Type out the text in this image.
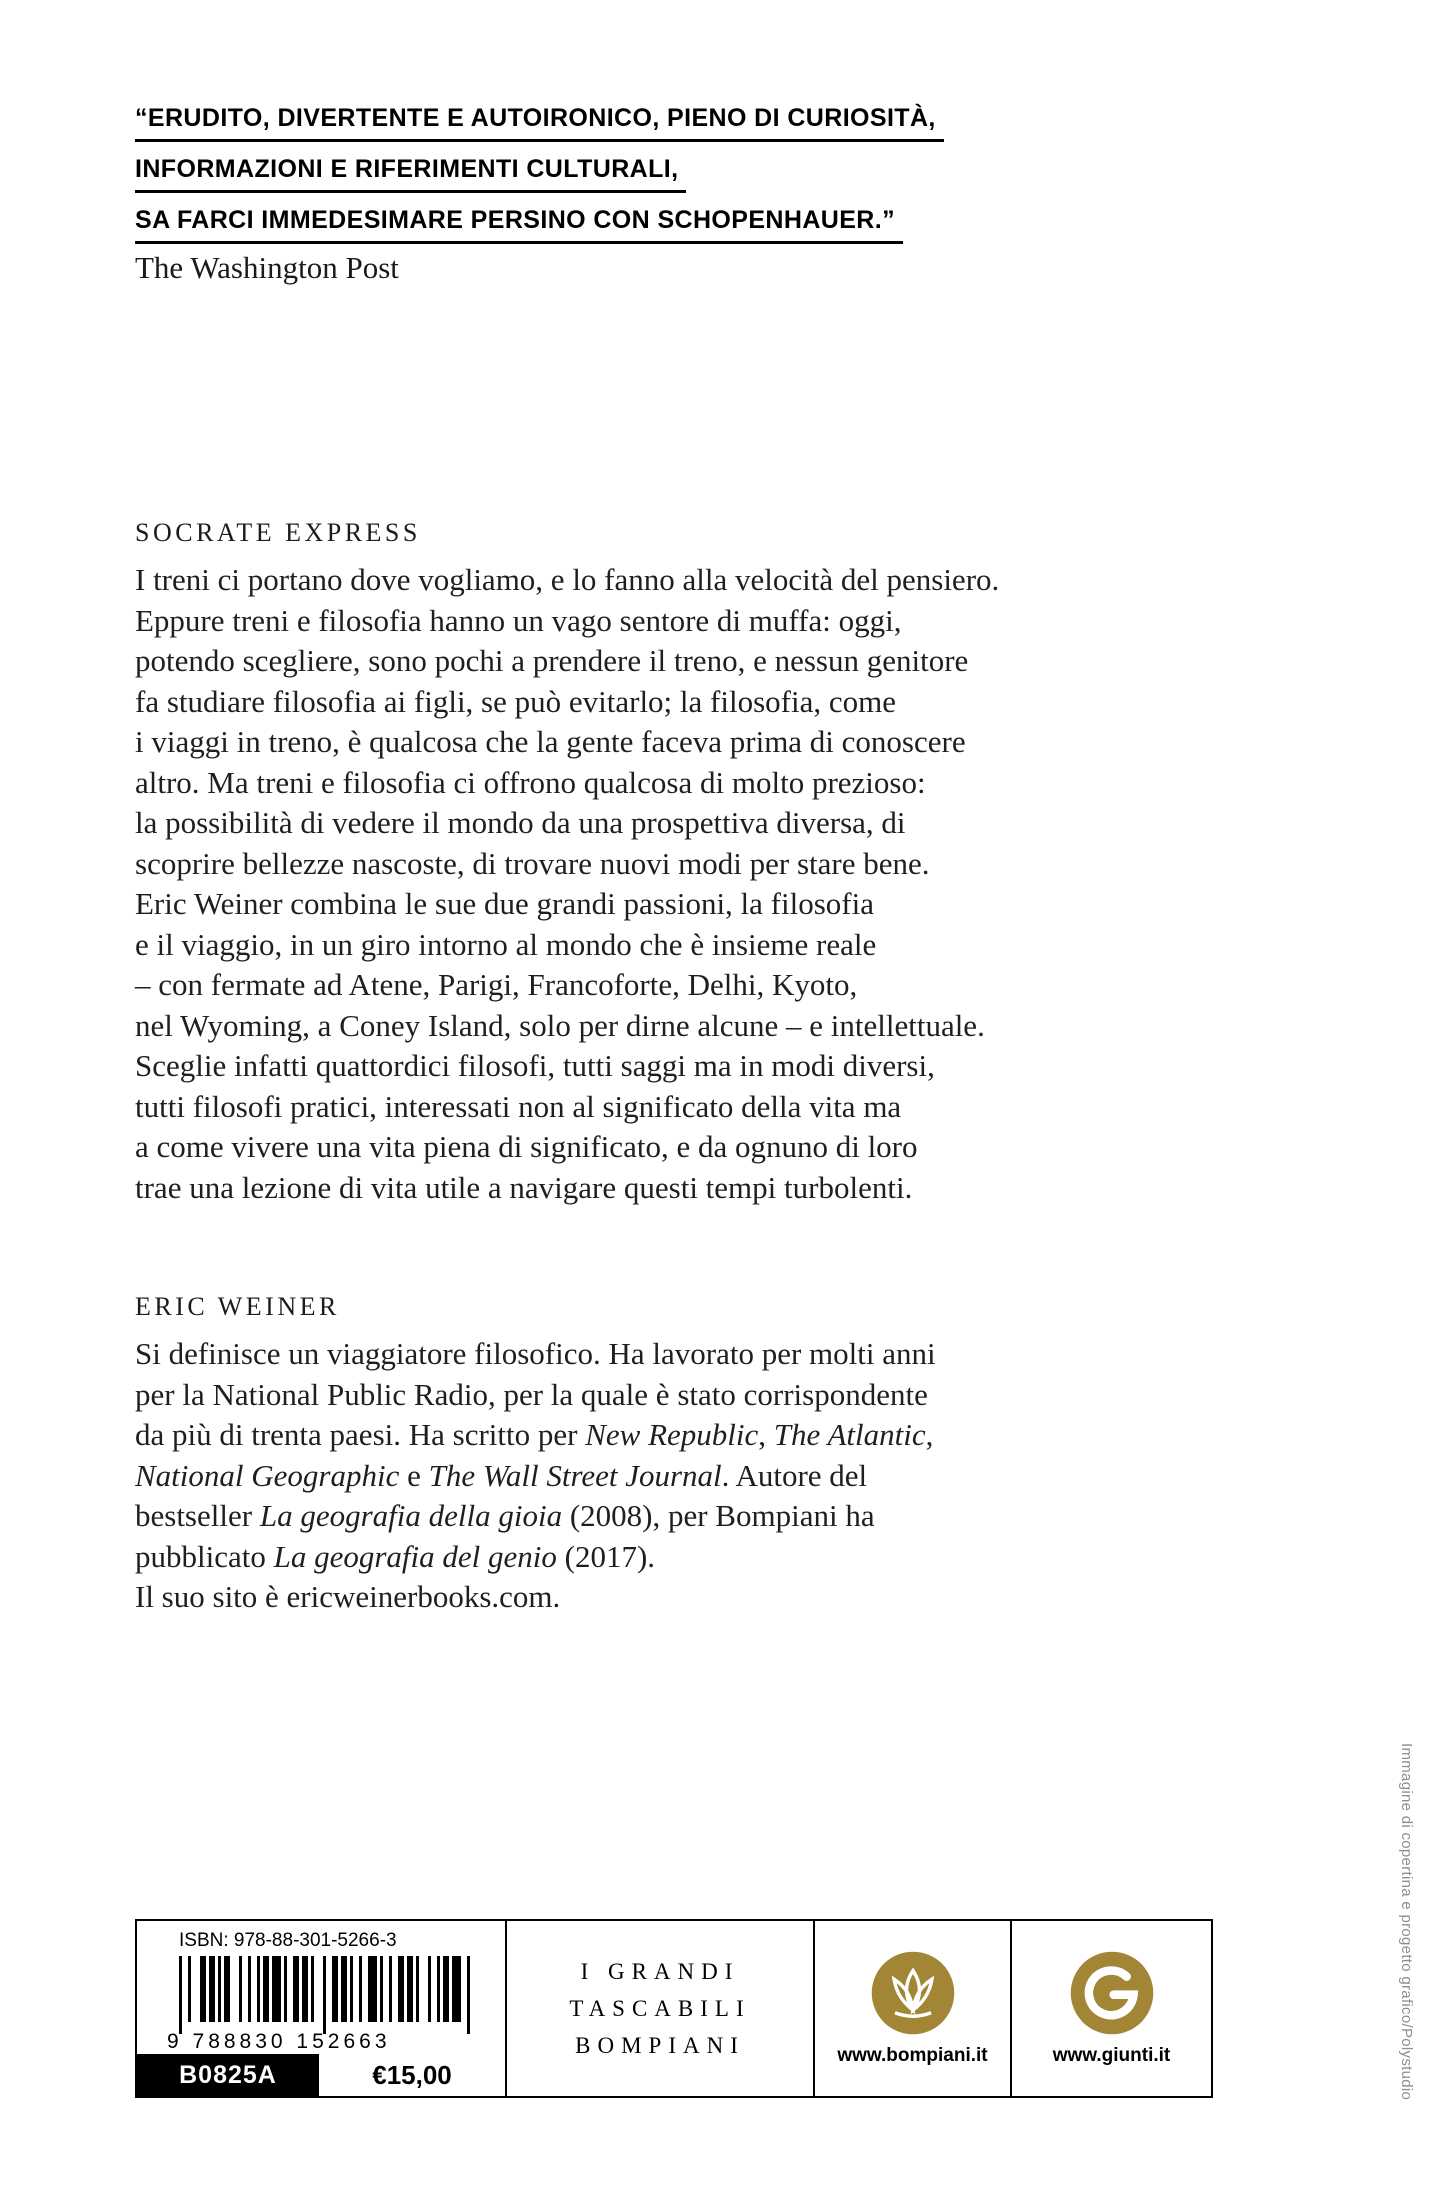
“ERUDITO, DIVERTENTE E AUTOIRONICO, PIENO DI CURIOSITÀ,
INFORMAZIONI E RIFERIMENTI CULTURALI,
SA FARCI IMMEDESIMARE PERSINO CON SCHOPENHAUER.”
The Washington Post
SOCRATE EXPRESS
I treni ci portano dove vogliamo, e lo fanno alla velocità del pensiero.
Eppure treni e filosofia hanno un vago sentore di muffa: oggi,
potendo scegliere, sono pochi a prendere il treno, e nessun genitore
fa studiare filosofia ai figli, se può evitarlo; la filosofia, come
i viaggi in treno, è qualcosa che la gente faceva prima di conoscere
altro. Ma treni e filosofia ci offrono qualcosa di molto prezioso:
la possibilità di vedere il mondo da una prospettiva diversa, di
scoprire bellezze nascoste, di trovare nuovi modi per stare bene.
Eric Weiner combina le sue due grandi passioni, la filosofia
e il viaggio, in un giro intorno al mondo che è insieme reale
– con fermate ad Atene, Parigi, Francoforte, Delhi, Kyoto,
nel Wyoming, a Coney Island, solo per dirne alcune – e intellettuale.
Sceglie infatti quattordici filosofi, tutti saggi ma in modi diversi,
tutti filosofi pratici, interessati non al significato della vita ma
a come vivere una vita piena di significato, e da ognuno di loro
trae una lezione di vita utile a navigare questi tempi turbolenti.
ERIC WEINER
Si definisce un viaggiatore filosofico. Ha lavorato per molti anni
per la National Public Radio, per la quale è stato corrispondente
da più di trenta paesi. Ha scritto per New Republic, The Atlantic,
National Geographic e The Wall Street Journal. Autore del
bestseller La geografia della gioia (2008), per Bompiani ha
pubblicato La geografia del genio (2017).
Il suo sito è ericweinerbooks.com.
ISBN: 978-88-301-5266-3
9 788830 152663
B0825A	€15,00
I GRANDI
TASCABILI
BOMPIANI	www.bompiani.it	www.giunti.it	Immagine di copertina e progetto grafico/Polystudio
